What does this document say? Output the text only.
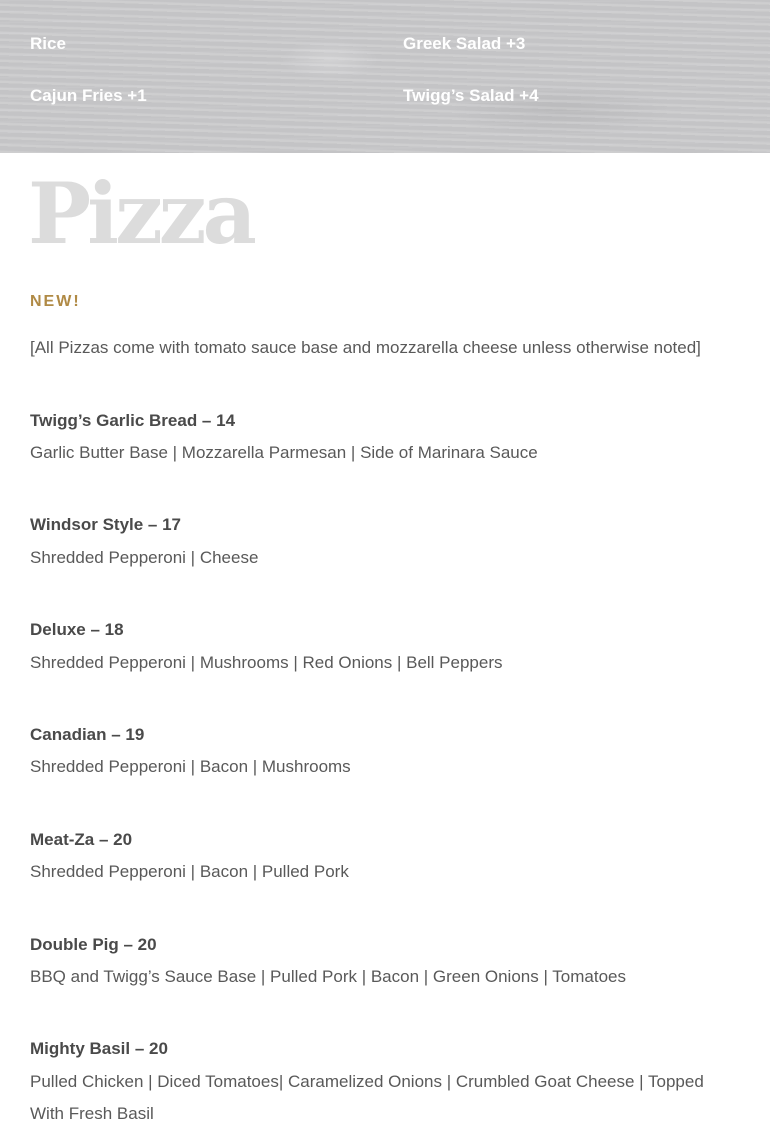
Rice
Cajun Fries +1
Greek Salad +3
Twigg’s Salad +4
Pizza
NEW!
[All Pizzas come with tomato sauce base and mozzarella cheese unless otherwise noted]
Twigg’s Garlic Bread – 14
Garlic Butter Base | Mozzarella Parmesan | Side of Marinara Sauce
Windsor Style – 17
Shredded Pepperoni | Cheese
Deluxe – 18
Shredded Pepperoni | Mushrooms | Red Onions | Bell Peppers
Canadian – 19
Shredded Pepperoni | Bacon | Mushrooms
Meat-Za – 20
Shredded Pepperoni | Bacon | Pulled Pork
Double Pig – 20
BBQ and Twigg’s Sauce Base | Pulled Pork | Bacon | Green Onions | Tomatoes
Mighty Basil – 20
Pulled Chicken | Diced Tomatoes| Caramelized Onions | Crumbled Goat Cheese | Topped With Fresh Basil
